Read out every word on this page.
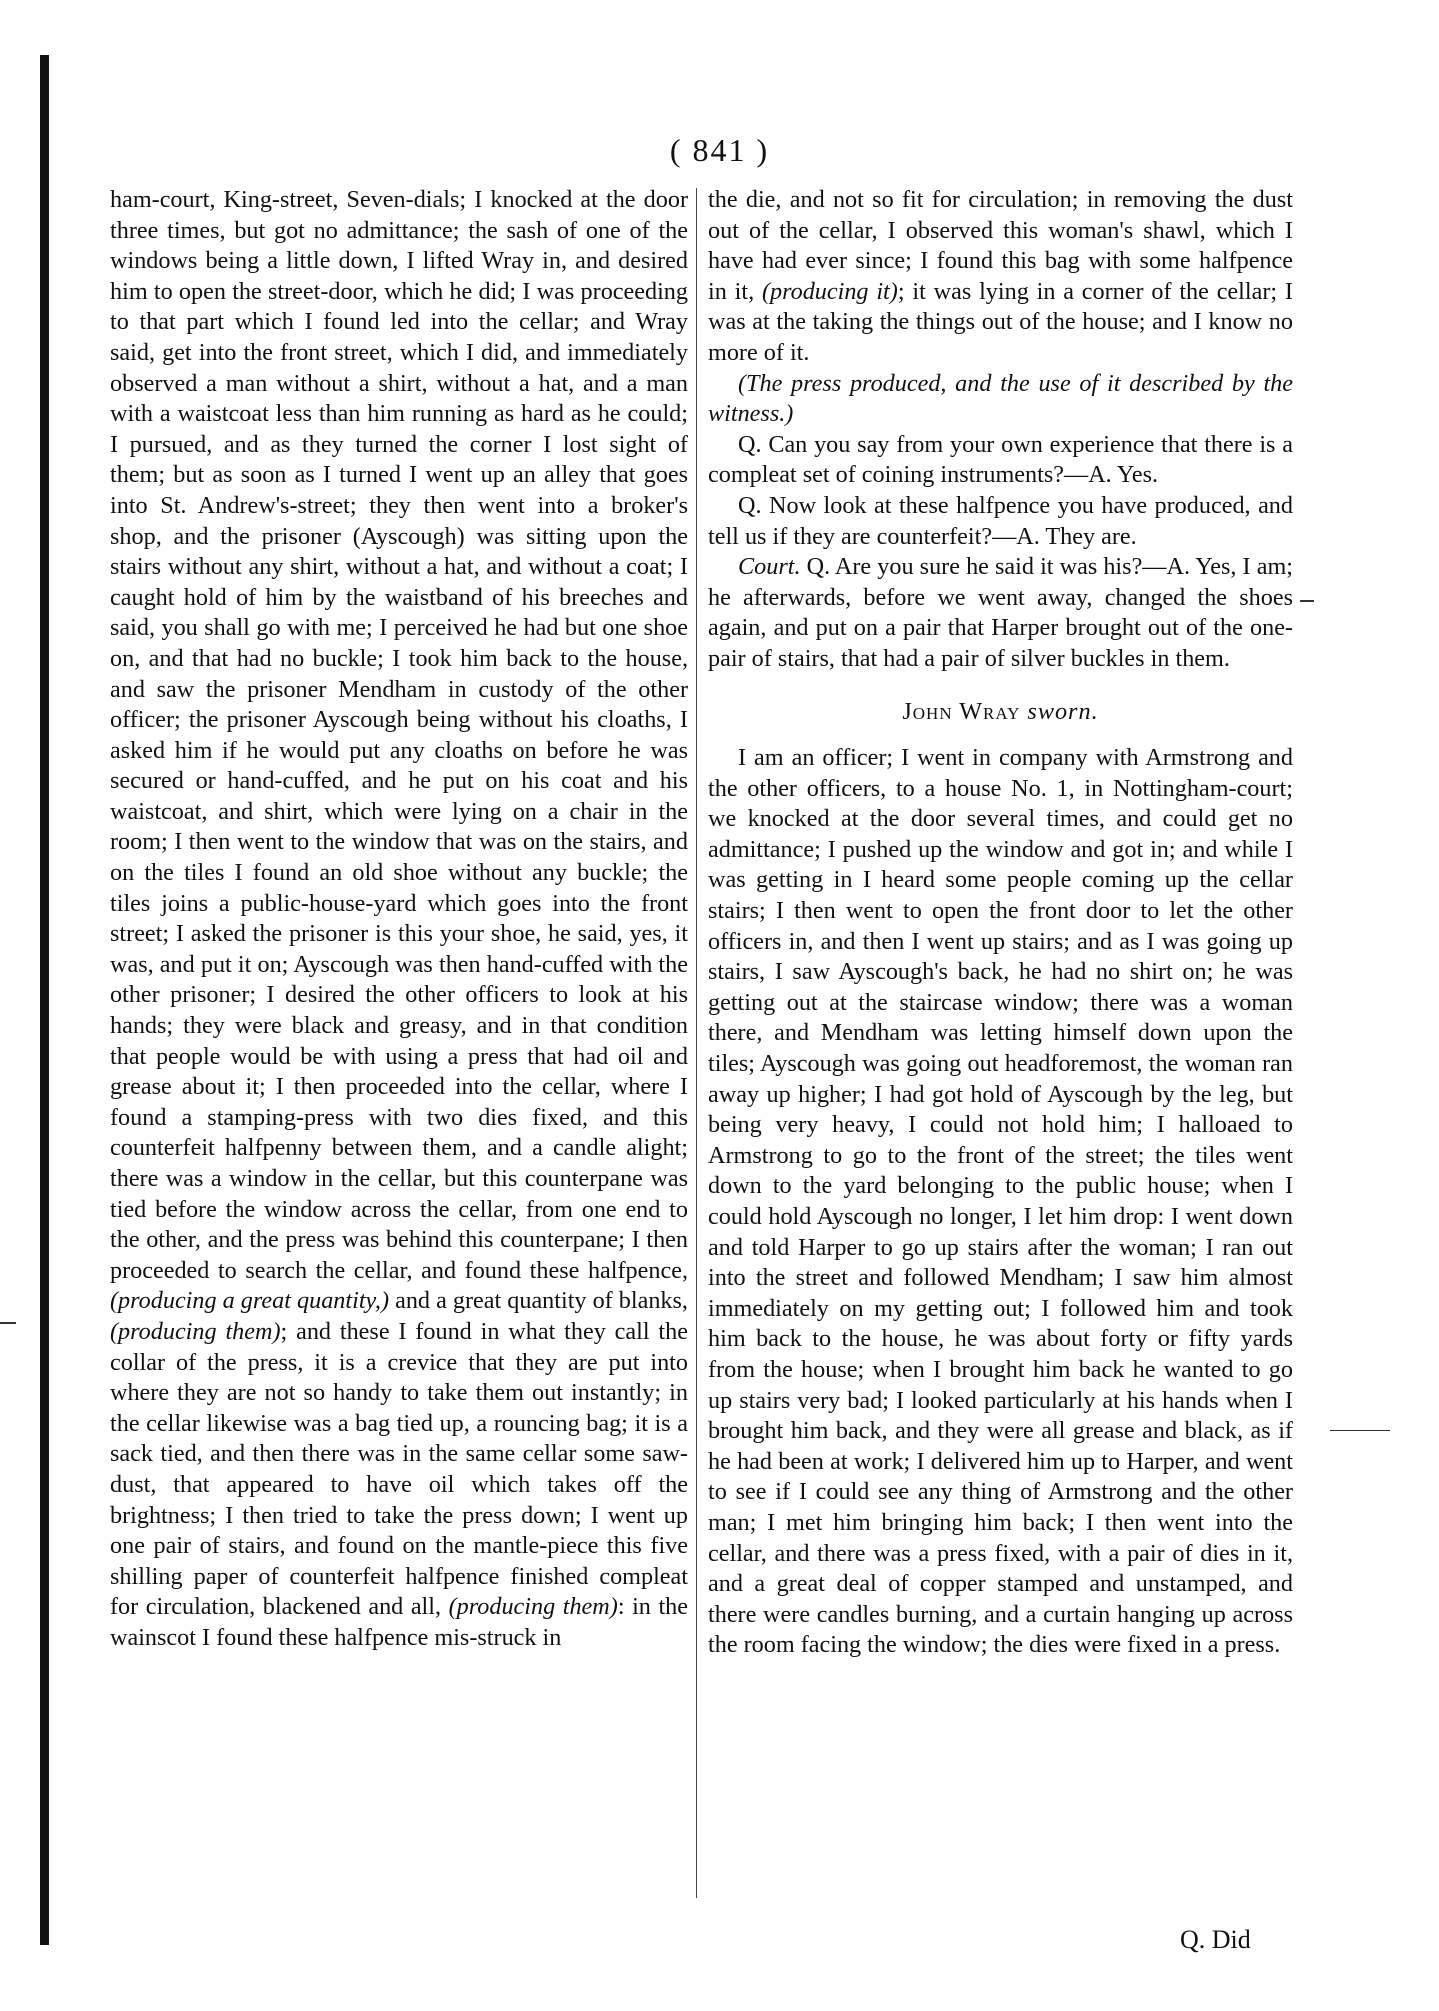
( 841 )

ham-court, King-street, Seven-dials; I knocked at the door three times, but got no admittance; the sash of one of the windows being a little down, I lifted Wray in, and desired him to open the street-door, which he did; I was proceeding to that part which I found led into the cellar; and Wray said, get into the front street, which I did, and immediately observed a man without a shirt, without a hat, and a man with a waistcoat less than him running as hard as he could; I pursued, and as they turned the corner I lost sight of them; but as soon as I turned I went up an alley that goes into St. Andrew's-street; they then went into a broker's shop, and the prisoner (Ayscough) was sitting upon the stairs without any shirt, without a hat, and without a coat; I caught hold of him by the waistband of his breeches and said, you shall go with me; I perceived he had but one shoe on, and that had no buckle; I took him back to the house, and saw the prisoner Mendham in custody of the other officer; the prisoner Ayscough being without his cloaths, I asked him if he would put any cloaths on before he was secured or hand-cuffed, and he put on his coat and his waistcoat, and shirt, which were lying on a chair in the room; I then went to the window that was on the stairs, and on the tiles I found an old shoe without any buckle; the tiles joins a public-house-yard which goes into the front street; I asked the prisoner is this your shoe, he said, yes, it was, and put it on; Ayscough was then hand-cuffed with the other prisoner; I desired the other officers to look at his hands; they were black and greasy, and in that condition that people would be with using a press that had oil and grease about it; I then proceeded into the cellar, where I found a stamping-press with two dies fixed, and this counterfeit halfpenny between them, and a candle alight; there was a window in the cellar, but this counterpane was tied before the window across the cellar, from one end to the other, and the press was behind this counterpane; I then proceeded to search the cellar, and found these halfpence, (producing a great quantity,) and a great quantity of blanks, (producing them); and these I found in what they call the collar of the press, it is a crevice that they are put into where they are not so handy to take them out instantly; in the cellar likewise was a bag tied up, a rouncing bag; it is a sack tied, and then there was in the same cellar some saw-dust, that appeared to have oil which takes off the brightness; I then tried to take the press down; I went up one pair of stairs, and found on the mantle-piece this five shilling paper of counterfeit halfpence finished compleat for circulation, blackened and all, (producing them): in the wainscot I found these halfpence mis-struck in

the die, and not so fit for circulation; in removing the dust out of the cellar, I observed this woman's shawl, which I have had ever since; I found this bag with some halfpence in it, (producing it); it was lying in a corner of the cellar; I was at the taking the things out of the house; and I know no more of it.

(The press produced, and the use of it described by the witness.)

Q. Can you say from your own experience that there is a compleat set of coining instruments?—A. Yes.

Q. Now look at these halfpence you have produced, and tell us if they are counterfeit?—A. They are.

Court. Q. Are you sure he said it was his?—A. Yes, I am; he afterwards, before we went away, changed the shoes again, and put on a pair that Harper brought out of the one-pair of stairs, that had a pair of silver buckles in them.

John Wray sworn.

I am an officer; I went in company with Armstrong and the other officers, to a house No. 1, in Nottingham-court; we knocked at the door several times, and could get no admittance; I pushed up the window and got in; and while I was getting in I heard some people coming up the cellar stairs; I then went to open the front door to let the other officers in, and then I went up stairs; and as I was going up stairs, I saw Ayscough's back, he had no shirt on; he was getting out at the staircase window; there was a woman there, and Mendham was letting himself down upon the tiles; Ayscough was going out headforemost, the woman ran away up higher; I had got hold of Ayscough by the leg, but being very heavy, I could not hold him; I halloaed to Armstrong to go to the front of the street; the tiles went down to the yard belonging to the public house; when I could hold Ayscough no longer, I let him drop: I went down and told Harper to go up stairs after the woman; I ran out into the street and followed Mendham; I saw him almost immediately on my getting out; I followed him and took him back to the house, he was about forty or fifty yards from the house; when I brought him back he wanted to go up stairs very bad; I looked particularly at his hands when I brought him back, and they were all grease and black, as if he had been at work; I delivered him up to Harper, and went to see if I could see any thing of Armstrong and the other man; I met him bringing him back; I then went into the cellar, and there was a press fixed, with a pair of dies in it, and a great deal of copper stamped and unstamped, and there were candles burning, and a curtain hanging up across the room facing the window; the dies were fixed in a press.

Q. Did
